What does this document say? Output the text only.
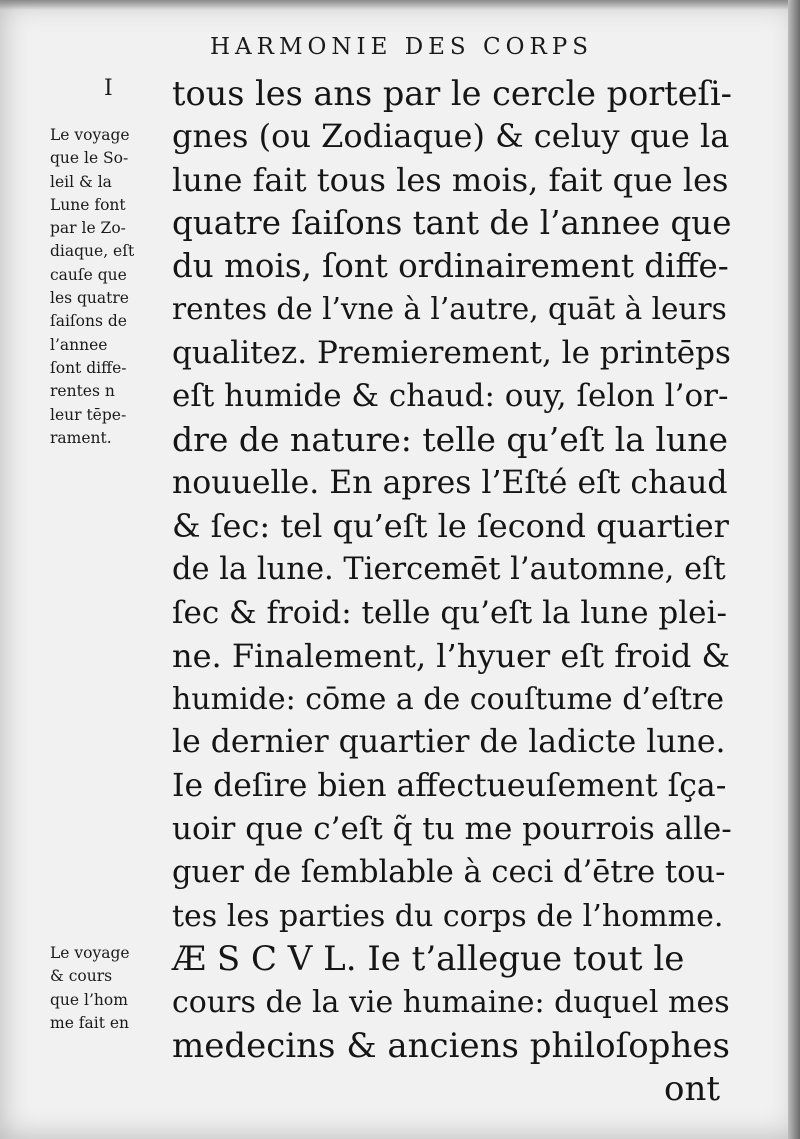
HARMONIE DES CORPS
I
Le voyage
que le So-
leil & la
Lune font
par le Zo-
diaque, eſt
cauſe que
les quatre
ſaiſons de
l’annee
ſont diffe-
rentes n
leur tēpe-
rament.
Le voyage
& cours
que l’hom
me fait en
tous les ans par le cercle porteſi-
gnes (ou Zodiaque) & celuy que la
lune fait tous les mois, fait que les
quatre ſaiſons tant de l’annee que
du mois, ſont ordinairement diffe-
rentes de l’vne à l’autre, quāt à leurs
qualitez. Premierement, le printēps
eſt humide & chaud: ouy, ſelon l’or-
dre de nature: telle qu’eſt la lune
nouuelle. En apres l’Eſté eſt chaud
& ſec: tel qu’eſt le ſecond quartier
de la lune. Tiercemēt l’automne, eſt
ſec & froid: telle qu’eſt la lune plei-
ne. Finalement, l’hyuer eſt froid &
humide: cōme a de couſtume d’eſtre
le dernier quartier de ladicte lune.
Ie deſire bien affectueuſement ſça-
uoir que c’eſt q̃ tu me pourrois alle-
guer de ſemblable à ceci d’ētre tou-
tes les parties du corps de l’homme.
Æ S C V L. Ie t’allegue tout le
cours de la vie humaine: duquel mes
medecins & anciens philoſophes
ont
